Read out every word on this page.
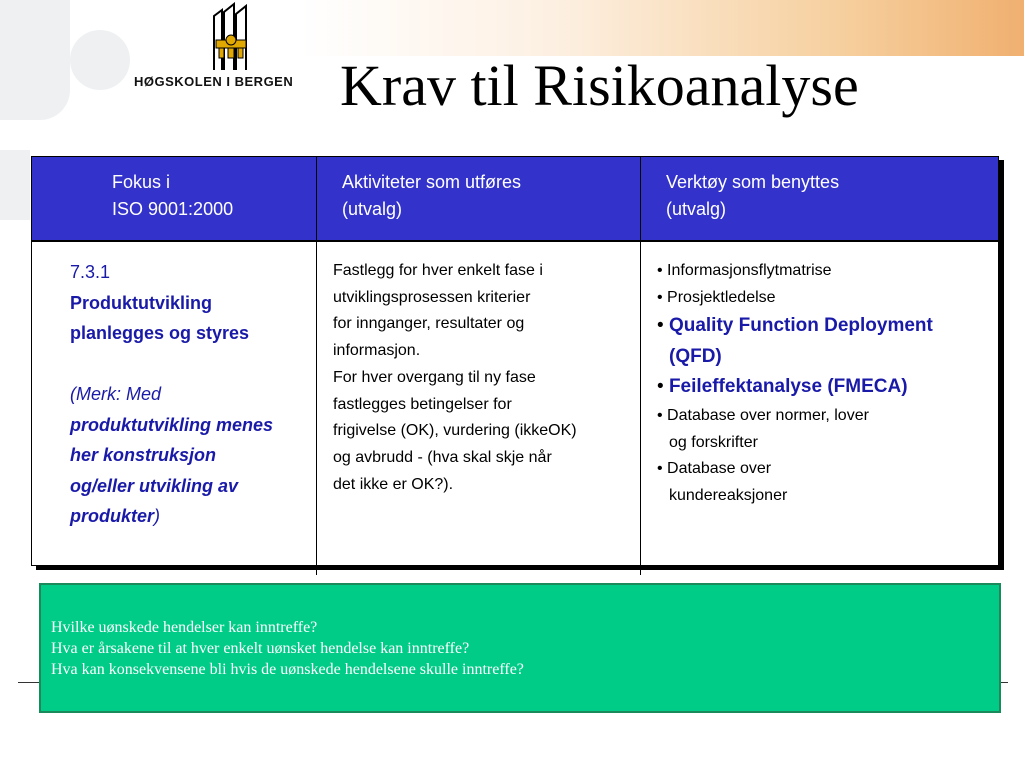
HØGSKOLEN I BERGEN Krav til Risikoanalyse
Fokus i
ISO 9001:2000
Aktiviteter som utføres
(utvalg)
Verktøy som benyttes
(utvalg)
7.3.1
Produktutvikling
planlegges og styres
(Merk: Med
produktutvikling menes
her konstruksjon
og/eller utvikling av
produkter)
Fastlegg for hver enkelt fase i
utviklingsprosessen kriterier
for innganger, resultater og
informasjon.
For hver overgang til ny fase
fastlegges betingelser for
frigivelse (OK), vurdering (ikkeOK)
og avbrudd - (hva skal skje når
det ikke er OK?).
• Informasjonsflytmatrise
• Prosjektledelse
• Quality Function Deployment
(QFD)
• Feileffektanalyse (FMECA)
• Database over normer, lover
og forskrifter
• Database over
kundereaksjoner
Hvilke uønskede hendelser kan inntreffe?
Hva er årsakene til at hver enkelt uønsket hendelse kan inntreffe?
Hva kan konsekvensene bli hvis de uønskede hendelsene skulle inntreffe?
